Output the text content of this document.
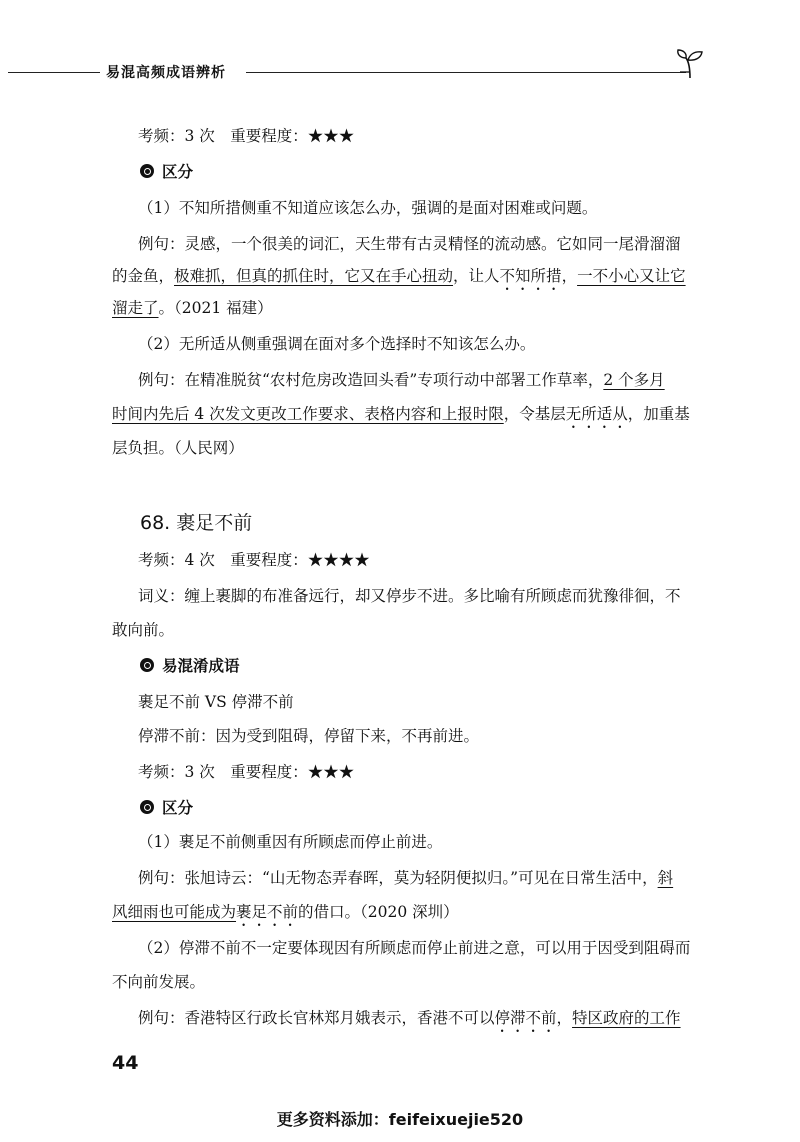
易混高频成语辨析
考频：3 次　重要程度：★★★
区分
（1）不知所措侧重不知道应该怎么办，强调的是面对困难或问题。
例句：灵感，一个很美的词汇，天生带有古灵精怪的流动感。它如同一尾滑溜溜
的金鱼，极难抓，但真的抓住时，它又在手心扭动，让人不知所措，一不小心又让它
溜走了。（2021 福建）
（2）无所适从侧重强调在面对多个选择时不知该怎么办。
例句：在精准脱贫“农村危房改造回头看”专项行动中部署工作草率，2 个多月
时间内先后 4 次发文更改工作要求、表格内容和上报时限，令基层无所适从，加重基
层负担。（人民网）
68. 裹足不前
考频：4 次　重要程度：★★★★
词义：缠上裹脚的布准备远行，却又停步不进。多比喻有所顾虑而犹豫徘徊，不
敢向前。
易混淆成语
裹足不前 VS 停滞不前
停滞不前：因为受到阻碍，停留下来，不再前进。
考频：3 次　重要程度：★★★
区分
（1）裹足不前侧重因有所顾虑而停止前进。
例句：张旭诗云：“山无物态弄春晖，莫为轻阴便拟归。”可见在日常生活中，斜
风细雨也可能成为裹足不前的借口。（2020 深圳）
（2）停滞不前不一定要体现因有所顾虑而停止前进之意，可以用于因受到阻碍而
不向前发展。
例句：香港特区行政长官林郑月娥表示，香港不可以停滞不前，特区政府的工作
44
更多资料添加：feifeixuejie520
